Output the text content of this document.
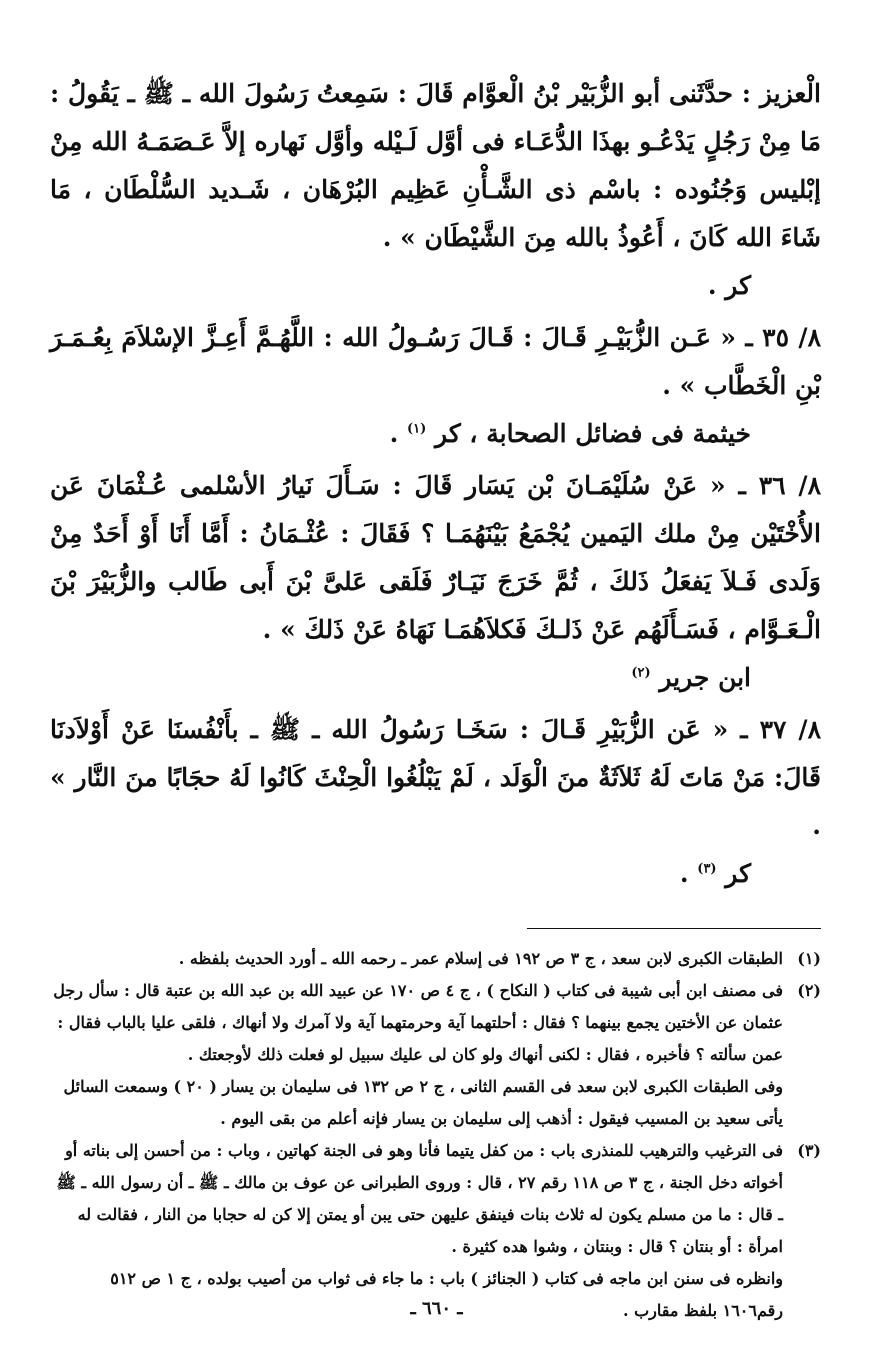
الْعزيز : حدَّثَنى أبو الزُّبَيْر بْنُ الْعوَّام قَالَ : سَمِعتُ رَسُولَ الله ـ ﷺ ـ يَقُولُ : مَا مِنْ رَجُلٍ يَدْعُـو بهذَا الدُّعَـاء فى أوَّل لَـيْله وأوَّل نَهاره إلاَّ عَـصَمَـهُ الله مِنْ إبْليس وَجُنُوده : باسْم ذى الشَّـأْنِ عَظِيم البُرْهَان ، شَـديد السُّلْطَان ، مَا شَاءَ الله كَانَ ، أَعُوذُ بالله مِنَ الشَّيْطَان » .

كر .

٨/ ٣٥ ـ « عَـن الزُّبَيْـرِ قَـالَ : قَـالَ رَسُـولُ الله : اللَّهُـمَّ أَعِـزَّ الإسْلاَمَ بِعُـمَـرَ بْنِ الْخَطَّاب » .

خيثمة فى فضائل الصحابة ، كر $^{(١)}$ .

٨/ ٣٦ ـ « عَنْ سُلَيْمَـانَ بْن يَسَار قَالَ : سَـأَلَ نَيارُ الأسْلمى عُـثْمَانَ عَن الأُخْتَيْن مِنْ ملك اليَمين يُجْمَعُ بَيْنَهُمَـا ؟ فَقَالَ : عُثْـمَانُ : أَمَّا أَنَا أَوْ أَحَدٌ مِنْ وَلَدى فَـلاَ يَفعَلُ ذَلكَ ، ثُمَّ خَرَجَ نَيَـارٌ فَلَقى عَلىَّ بْنَ أَبى طَالب والزُّبَيْرَ بْنَ الْـعَـوَّام ، فَسَـأَلَهُم عَنْ ذَلـكَ فَكلاَهُمَـا نَهَاهُ عَنْ ذَلكَ » .

ابن جرير $^{(٢)}$

٨/ ٣٧ ـ « عَن الزُّبَيْرِ قَـالَ : سَخَـا رَسُولُ الله ـ ﷺ ـ بأَنْفُسنَا عَنْ أَوْلاَدنَا قَالَ: مَنْ مَاتَ لَهُ ثَلاَثَةٌ منَ الْوَلَد ، لَمْ يَبْلُغُوا الْحِنْثَ كَانُوا لَهُ حجَابًا منَ النَّار » .

كر $^{(٣)}$ .

(١)

الطبقات الكبرى لابن سعد ، ج ٣ ص ١٩٢ فى إسلام عمر ـ رحمه الله ـ أورد الحديث بلفظه .

(٢)

فى مصنف ابن أبى شيبة فى كتاب ( النكاح ) ، ج ٤ ص ١٧٠ عن عبيد الله بن عبد الله بن عتبة قال : سأل رجل عثمان عن الأختين يجمع بينهما ؟ فقال : أحلتهما آية وحرمتهما آية ولا آمرك ولا أنهاك ، فلقى عليا بالباب فقال : عمن سألته ؟ فأخبره ، فقال : لكنى أنهاك ولو كان لى عليك سبيل لو فعلت ذلك لأوجعتك .

وفى الطبقات الكبرى لابن سعد فى القسم الثانى ، ج ٢ ص ١٣٢ فى سليمان بن يسار ( ٢٠ ) وسمعت السائل يأتى سعيد بن المسيب فيقول : أذهب إلى سليمان بن يسار فإنه أعلم من بقى اليوم .

(٣)

فى الترغيب والترهيب للمنذرى باب : من كفل يتيما فأنا وهو فى الجنة كهاتين ، وباب : من أحسن إلى بناته أو أخواته دخل الجنة ، ج ٣ ص ١١٨ رقم ٢٧ ، قال : وروى الطبرانى عن عوف بن مالك ـ ﷺ ـ أن رسول الله ـ ﷺ ـ قال : ما من مسلم يكون له ثلاث بنات فينفق عليهن حتى يبن أو يمتن إلا كن له حجابا من النار ، فقالت له امرأة : أو بنتان ؟ قال : وبنتان ، وشوا هده كثيرة .

وانظره فى سنن ابن ماجه فى كتاب ( الجنائز ) باب : ما جاء فى ثواب من أصيب بولده ، ج ١ ص ٥١٢ رقم١٦٠٦ بلفظ مقارب .

ـ ٦٦٠ ـ
